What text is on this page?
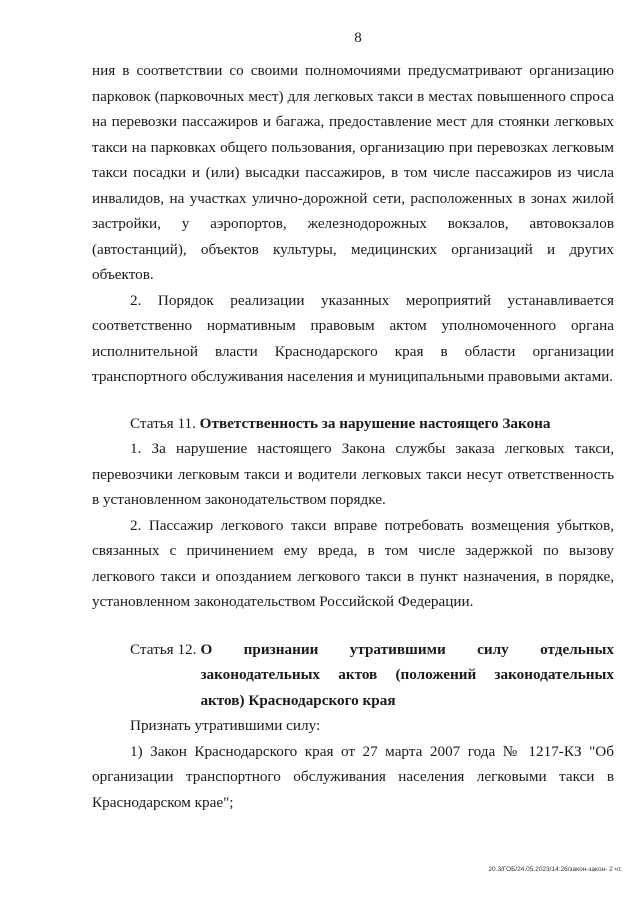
8

ния в соответствии со своими полномочиями предусматривают организацию парковок (парковочных мест) для легковых такси в местах повышенного спроса на перевозки пассажиров и багажа, предоставление мест для стоянки легковых такси на парковках общего пользования, организацию при перевозках легковым такси посадки и (или) высадки пассажиров, в том числе пассажиров из числа инвалидов, на участках улично-дорожной сети, расположенных в зонах жилой застройки, у аэропортов, железнодорожных вокзалов, автовокзалов (автостанций), объектов культуры, медицинских организаций и других объектов.

2. Порядок реализации указанных мероприятий устанавливается соответственно нормативным правовым актом уполномоченного органа исполнительной власти Краснодарского края в области организации транспортного обслуживания населения и муниципальными правовыми актами.

Статья 11. Ответственность за нарушение настоящего Закона

1. За нарушение настоящего Закона службы заказа легковых такси, перевозчики легковым такси и водители легковых такси несут ответственность в установленном законодательством порядке.

2. Пассажир легкового такси вправе потребовать возмещения убытков, связанных с причинением ему вреда, в том числе задержкой по вызову легкового такси и опозданием легкового такси в пункт назначения, в порядке, установленном законодательством Российской Федерации.

Статья 12. О признании утратившими силу отдельных законодательных актов (положений законодательных актов) Краснодарского края

Признать утратившими силу:

1) Закон Краснодарского края от 27 марта 2007 года № 1217-КЗ "Об организации транспортного обслуживания населения легковыми такси в Краснодарском крае";

20.3/ГОБ/24.05.2023/14:26/закон-закон- 2 чт.
